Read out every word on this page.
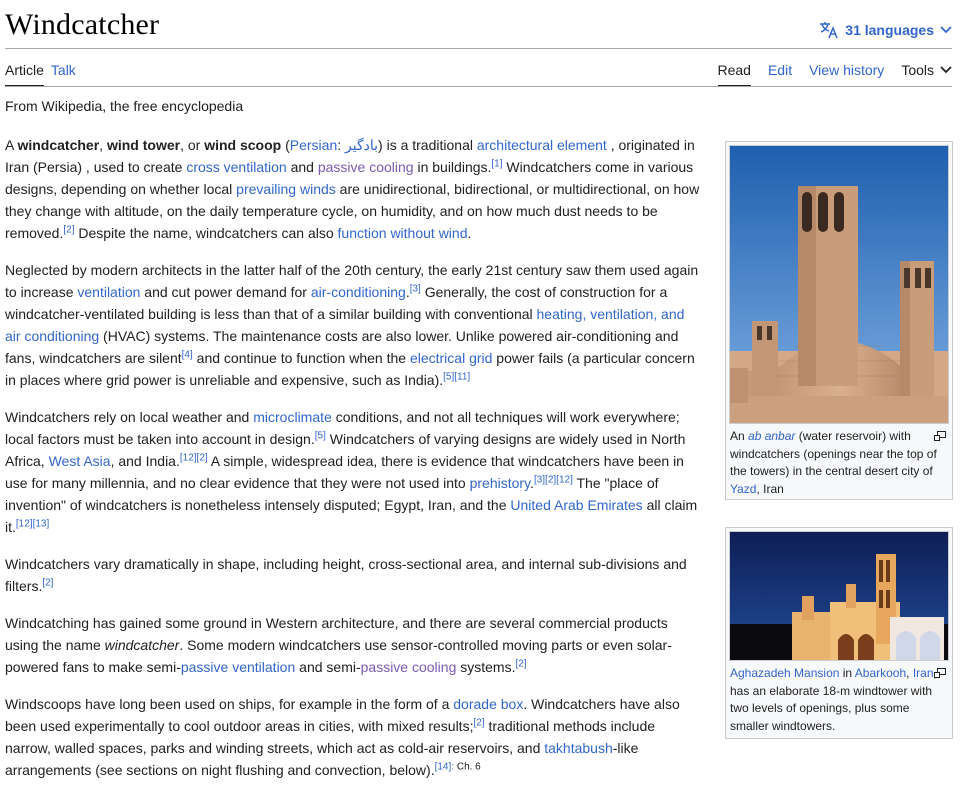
Windcatcher	31 languages
Article Talk	Read Edit View history Tools
From Wikipedia, the free encyclopedia

A windcatcher, wind tower, or wind scoop (Persian: بادگیر) is a traditional architectural element , originated in Iran (Persia) , used to create cross ventilation and passive cooling in buildings.[1] Windcatchers come in various designs, depending on whether local prevailing winds are unidirectional, bidirectional, or multidirectional, on how they change with altitude, on the daily temperature cycle, on humidity, and on how much dust needs to be removed.[2] Despite the name, windcatchers can also function without wind.

Neglected by modern architects in the latter half of the 20th century, the early 21st century saw them used again to increase ventilation and cut power demand for air-conditioning.[3] Generally, the cost of construction for a windcatcher-ventilated building is less than that of a similar building with conventional heating, ventilation, and air conditioning (HVAC) systems. The maintenance costs are also lower. Unlike powered air-conditioning and fans, windcatchers are silent[4] and continue to function when the electrical grid power fails (a particular concern in places where grid power is unreliable and expensive, such as India).[5][11]

Windcatchers rely on local weather and microclimate conditions, and not all techniques will work everywhere; local factors must be taken into account in design.[5] Windcatchers of varying designs are widely used in North Africa, West Asia, and India.[12][2] A simple, widespread idea, there is evidence that windcatchers have been in use for many millennia, and no clear evidence that they were not used into prehistory.[3][2][12] The "place of invention" of windcatchers is nonetheless intensely disputed; Egypt, Iran, and the United Arab Emirates all claim it.[12][13]

Windcatchers vary dramatically in shape, including height, cross-sectional area, and internal sub-divisions and filters.[2]

Windcatching has gained some ground in Western architecture, and there are several commercial products using the name windcatcher. Some modern windcatchers use sensor-controlled moving parts or even solar-powered fans to make semi-passive ventilation and semi-passive cooling systems.[2]

Windscoops have long been used on ships, for example in the form of a dorade box. Windcatchers have also been used experimentally to cool outdoor areas in cities, with mixed results;[2] traditional methods include narrow, walled spaces, parks and winding streets, which act as cold-air reservoirs, and takhtabush-like arrangements (see sections on night flushing and convection, below).$^{[14]: Ch. 6}$

An ab anbar (water reservoir) with windcatchers (openings near the top of the towers) in the central desert city of Yazd, Iran
Aghazadeh Mansion in Abarkooh, Iran has an elaborate 18-m windtower with two levels of openings, plus some smaller windtowers.
